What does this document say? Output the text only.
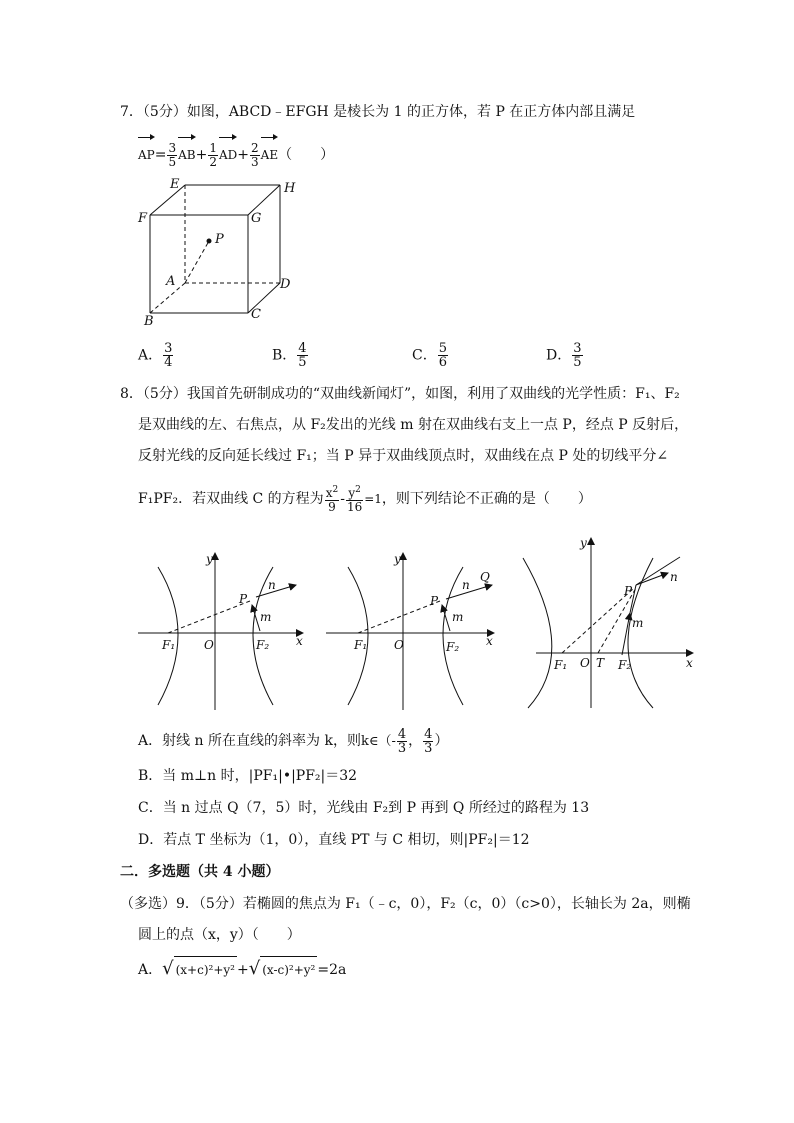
7．（5分）如图，ABCD﹣EFGH 是棱长为 1 的正方体，若 P 在正方体内部且满足
$AP= \frac{3}{5} AB+ \frac{1}{2} AD+ \frac{2}{3} AE$（　　）
E	H
F	G
P
A	D
B	C
A． $\frac{3}{4}$	B． $\frac{4}{5}$	C． $\frac{5}{6}$	D． $\frac{3}{5}$
8．（5分）我国首先研制成功的“双曲线新闻灯”，如图，利用了双曲线的光学性质：F₁、F₂
是双曲线的左、右焦点，从 F₂发出的光线 m 射在双曲线右支上一点 P，经点 P 反射后，
反射光线的反向延长线过 F₁；当 P 异于双曲线顶点时，双曲线在点 P 处的切线平分∠
F₁PF₂．若双曲线 C 的方程为 $\frac{x^2}{9} - \frac{y^2}{16} =1$，则下列结论不正确的是（　　）
y
x
O
P
n
m
F₁	F₂
y
x
O
P
n
Q
m
F₁	F₂
y
x
O T
P
n
m
F₁	F₂
A．射线 n 所在直线的斜率为 k，则k∈（- $\frac{4}{3}$ ， $\frac{4}{3}$ ）
B．当 m⊥n 时，|PF₁|•|PF₂|＝32
C．当 n 过点 Q（7，5）时，光线由 F₂到 P 再到 Q 所经过的路程为 13
D．若点 T 坐标为（1，0），直线 PT 与 C 相切，则|PF₂|＝12
二．多选题（共 4 小题）
（多选）9．（5分）若椭圆的焦点为 F₁（﹣c，0），F₂（c，0）（c>0），长轴长为 2a，则椭
圆上的点（x，y）（　　）
A．√ (x+c)²+y² +√ (x-c)²+y² =2a
